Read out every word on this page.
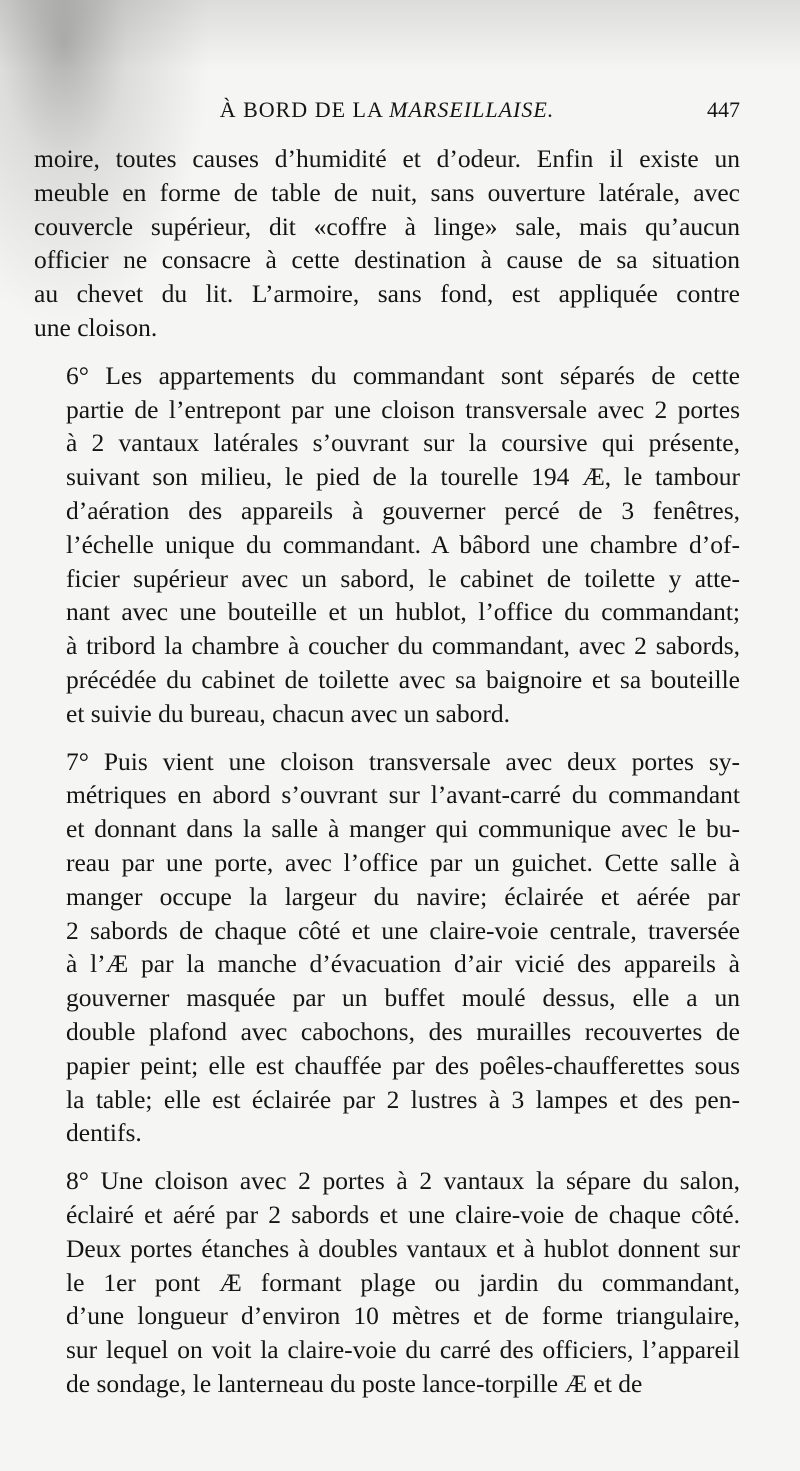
À BORD DE LA MARSEILLAISE.	447
moire, toutes causes d’humidité et d’odeur. Enfin il existe un
meuble en forme de table de nuit, sans ouverture latérale, avec
couvercle supérieur, dit «coffre à linge» sale, mais qu’aucun
officier ne consacre à cette destination à cause de sa situation
au chevet du lit. L’armoire, sans fond, est appliquée contre
une cloison.
6° Les appartements du commandant sont séparés de cette
partie de l’entrepont par une cloison transversale avec 2 portes
à 2 vantaux latérales s’ouvrant sur la coursive qui présente,
suivant son milieu, le pied de la tourelle 194 Æ, le tambour
d’aération des appareils à gouverner percé de 3 fenêtres,
l’échelle unique du commandant. A bâbord une chambre d’of-
ficier supérieur avec un sabord, le cabinet de toilette y atte-
nant avec une bouteille et un hublot, l’office du commandant;
à tribord la chambre à coucher du commandant, avec 2 sabords,
précédée du cabinet de toilette avec sa baignoire et sa bouteille
et suivie du bureau, chacun avec un sabord.
7° Puis vient une cloison transversale avec deux portes sy-
métriques en abord s’ouvrant sur l’avant-carré du commandant
et donnant dans la salle à manger qui communique avec le bu-
reau par une porte, avec l’office par un guichet. Cette salle à
manger occupe la largeur du navire; éclairée et aérée par
2 sabords de chaque côté et une claire-voie centrale, traversée
à l’Æ par la manche d’évacuation d’air vicié des appareils à
gouverner masquée par un buffet moulé dessus, elle a un
double plafond avec cabochons, des murailles recouvertes de
papier peint; elle est chauffée par des poêles-chaufferettes sous
la table; elle est éclairée par 2 lustres à 3 lampes et des pen-
dentifs.
8° Une cloison avec 2 portes à 2 vantaux la sépare du salon,
éclairé et aéré par 2 sabords et une claire-voie de chaque côté.
Deux portes étanches à doubles vantaux et à hublot donnent sur
le 1er pont Æ formant plage ou jardin du commandant,
d’une longueur d’environ 10 mètres et de forme triangulaire,
sur lequel on voit la claire-voie du carré des officiers, l’appareil
de sondage, le lanterneau du poste lance-torpille Æ et de
